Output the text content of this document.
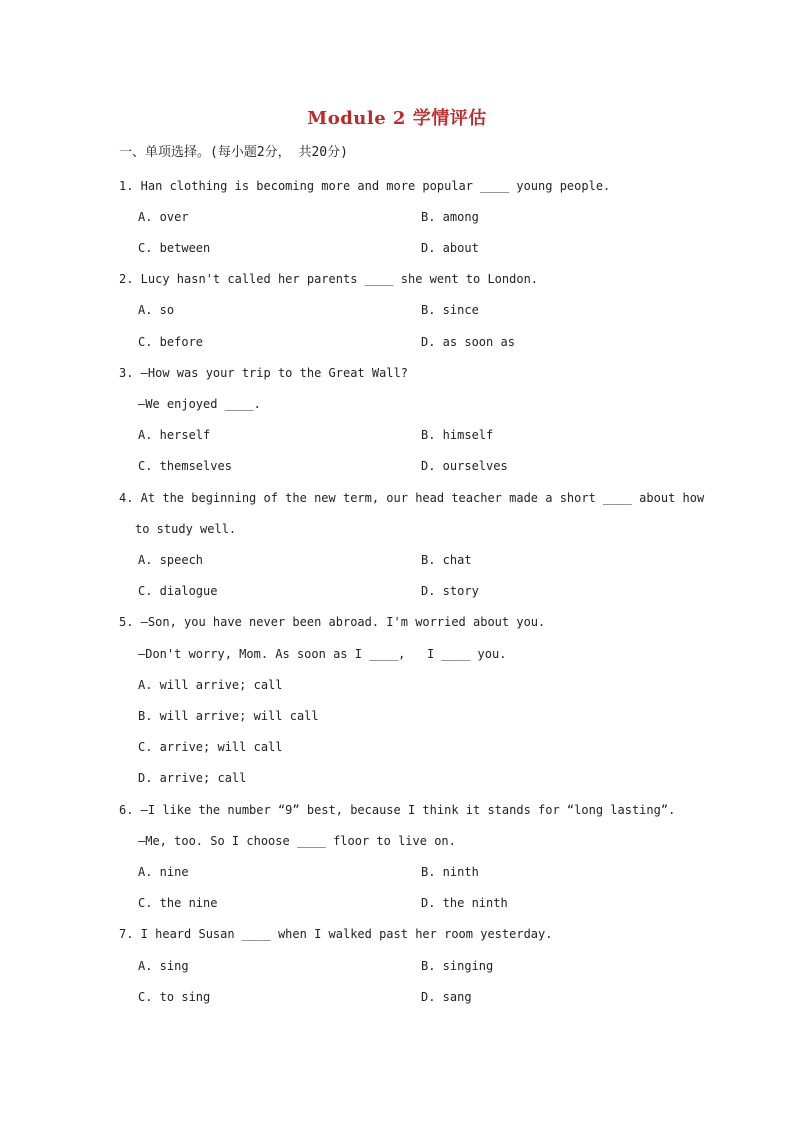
Module 2 学情评估
一、单项选择。(每小题2分， 共20分)
1. Han clothing is becoming more and more popular ____ young people.
A. over	B. among
C. between	D. about
2. Lucy hasn't called her parents ____ she went to London.
A. so	B. since
C. before	D. as soon as
3. —How was your trip to the Great Wall?
—We enjoyed ____.
A. herself	B. himself
C. themselves	D. ourselves
4. At the beginning of the new term, our head teacher made a short ____ about how
to study well.
A. speech	B. chat
C. dialogue	D. story
5. —Son, you have never been abroad. I'm worried about you.
—Don't worry, Mom. As soon as I ____,   I ____ you.
A. will arrive; call
B. will arrive; will call
C. arrive; will call
D. arrive; call
6. —I like the number “9” best, because I think it stands for “long lasting”.
—Me, too. So I choose ____ floor to live on.
A. nine	B. ninth
C. the nine	D. the ninth
7. I heard Susan ____ when I walked past her room yesterday.
A. sing	B. singing
C. to sing	D. sang
